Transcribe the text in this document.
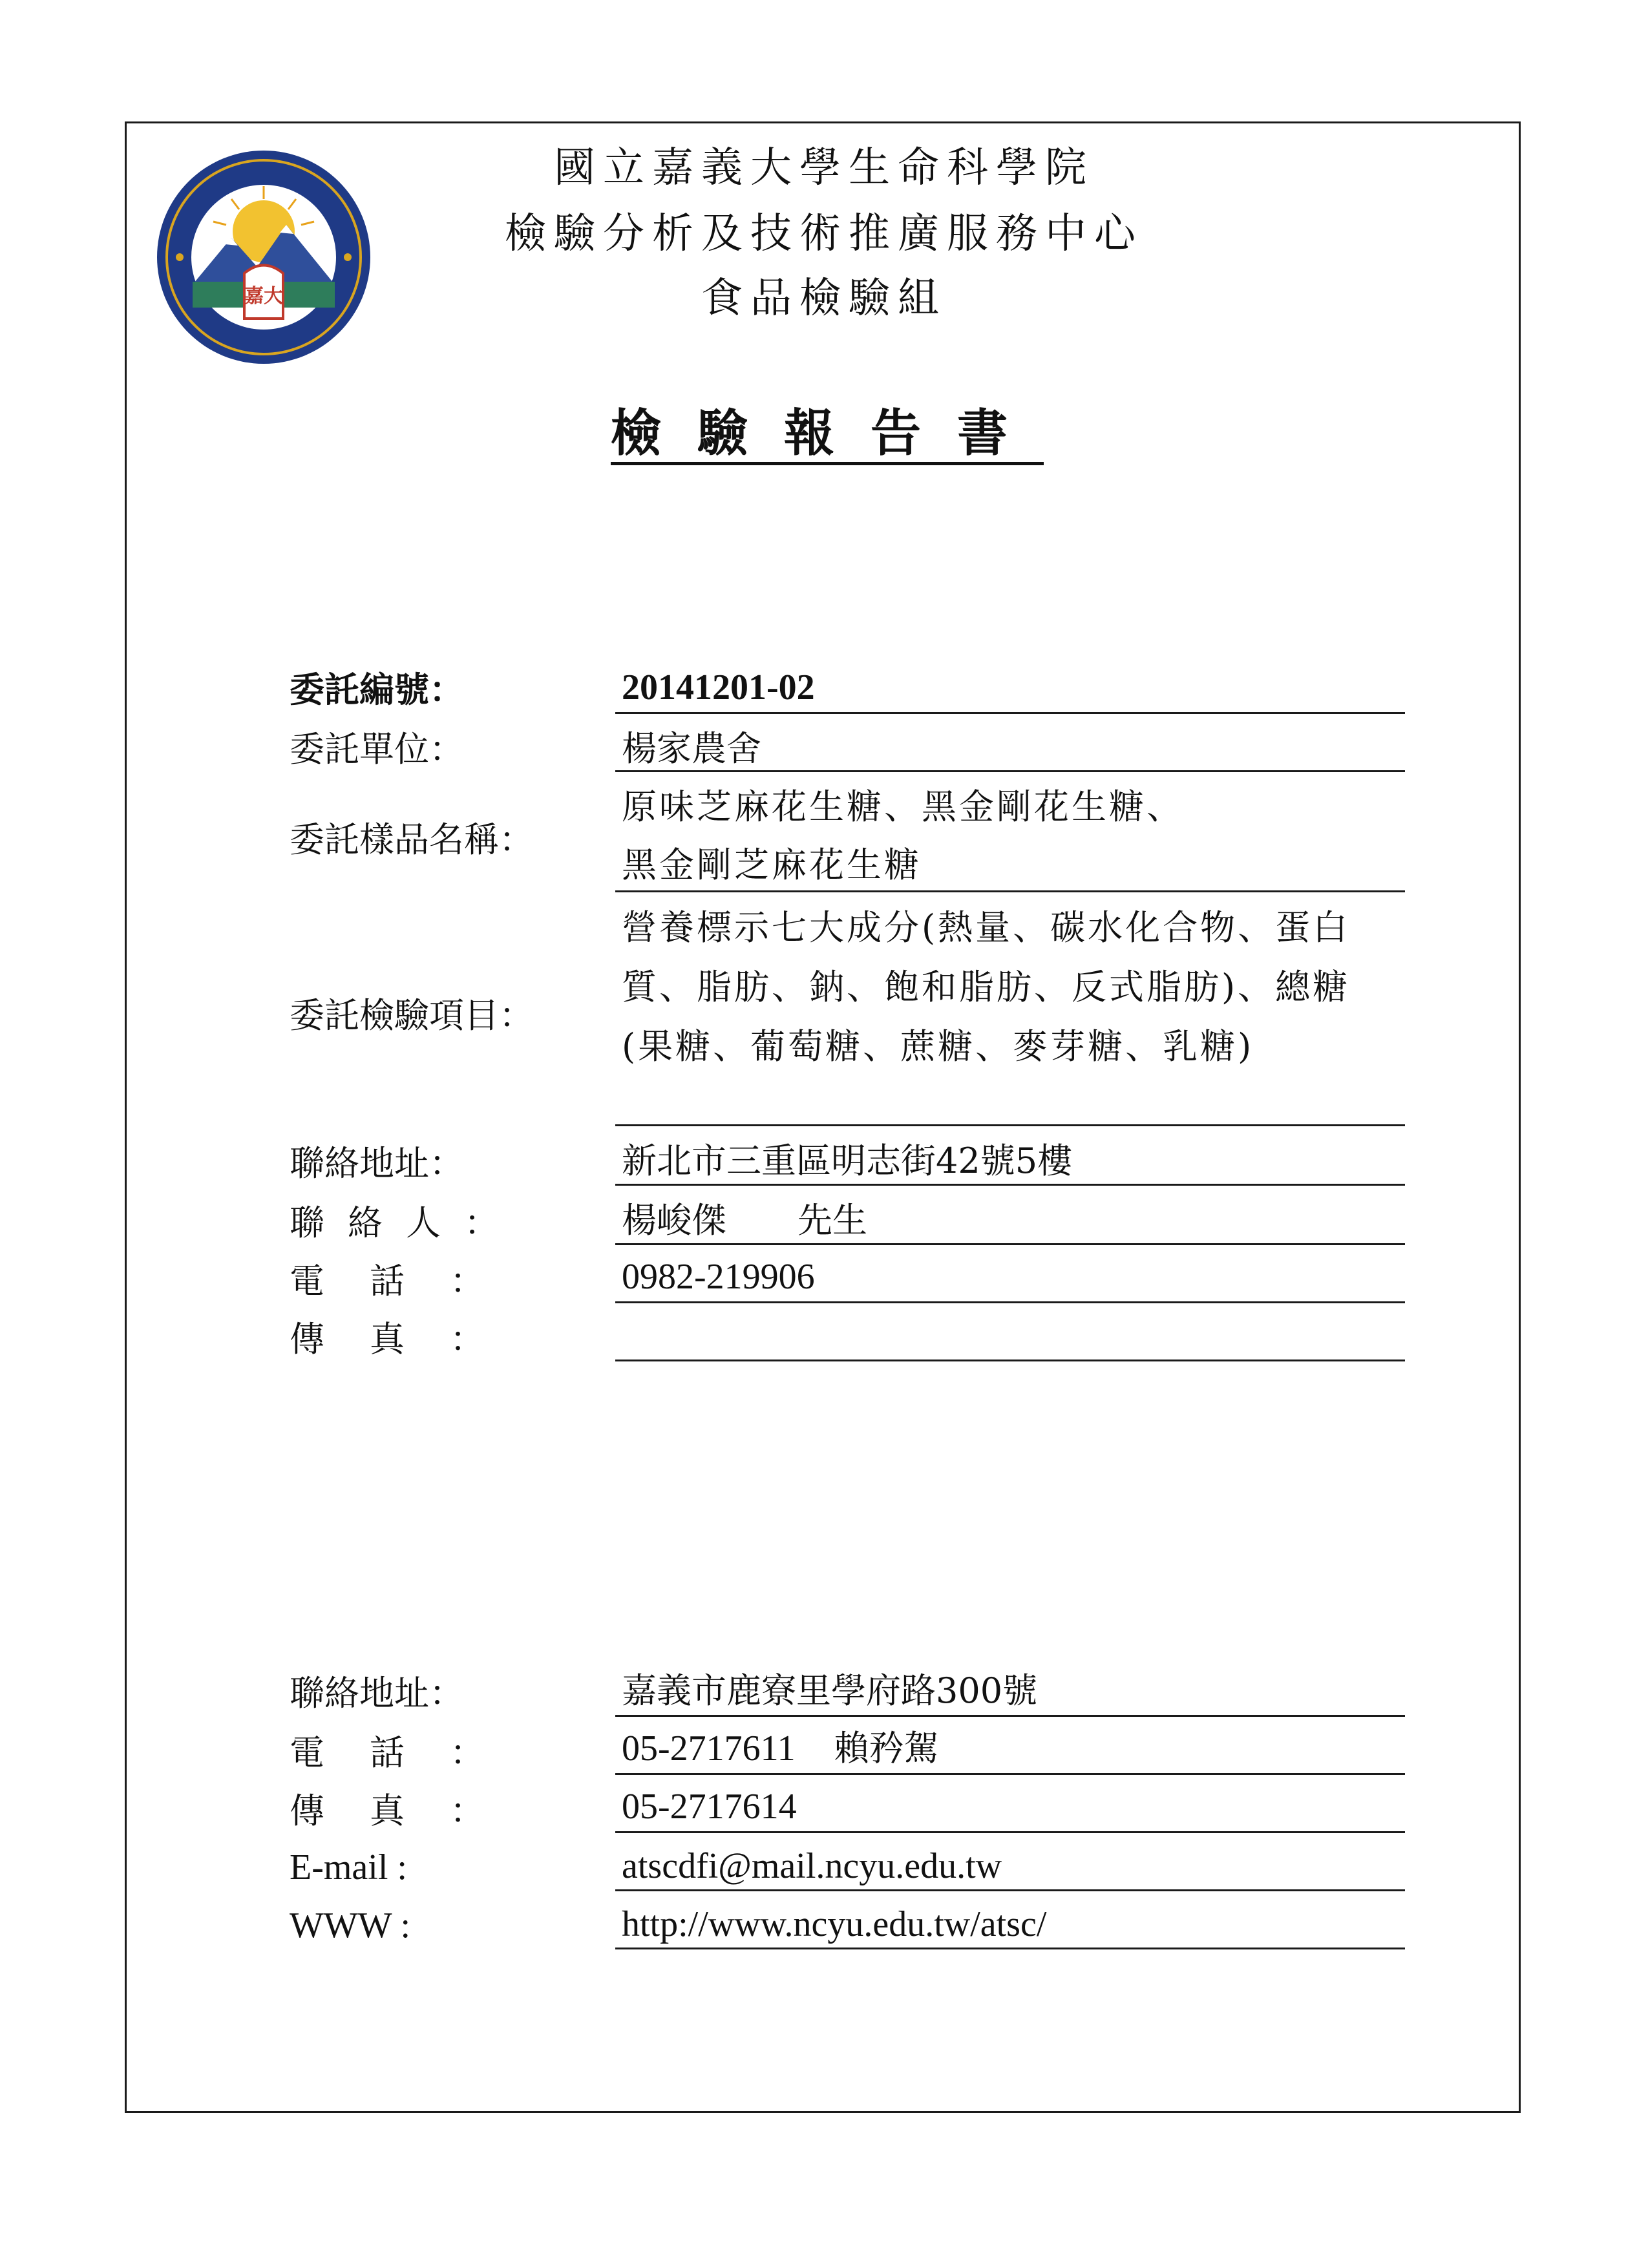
嘉大
國立嘉義大學生命科學院
檢驗分析及技術推廣服務中心
食品檢驗組
檢驗報告書
委託編號：	20141201-02
委託單位：	楊家農舍
委託樣品名稱：
原味芝麻花生糖、黑金剛花生糖、
黑金剛芝麻花生糖
委託檢驗項目：
營養標示七大成分(熱量、碳水化合物、蛋白質、脂肪、鈉、飽和脂肪、反式脂肪)、總糖(果糖、葡萄糖、蔗糖、麥芽糖、乳糖)
聯絡地址：	新北市三重區明志街42號5樓
聯絡人：	楊峻傑 先生
電話：	0982-219906
傳真：
聯絡地址：	嘉義市鹿寮里學府路300號
電話：	05-2717611 賴矜駕
傳真：	05-2717614
E-mail :	atscdfi@mail.ncyu.edu.tw
WWW :	http://www.ncyu.edu.tw/atsc/
